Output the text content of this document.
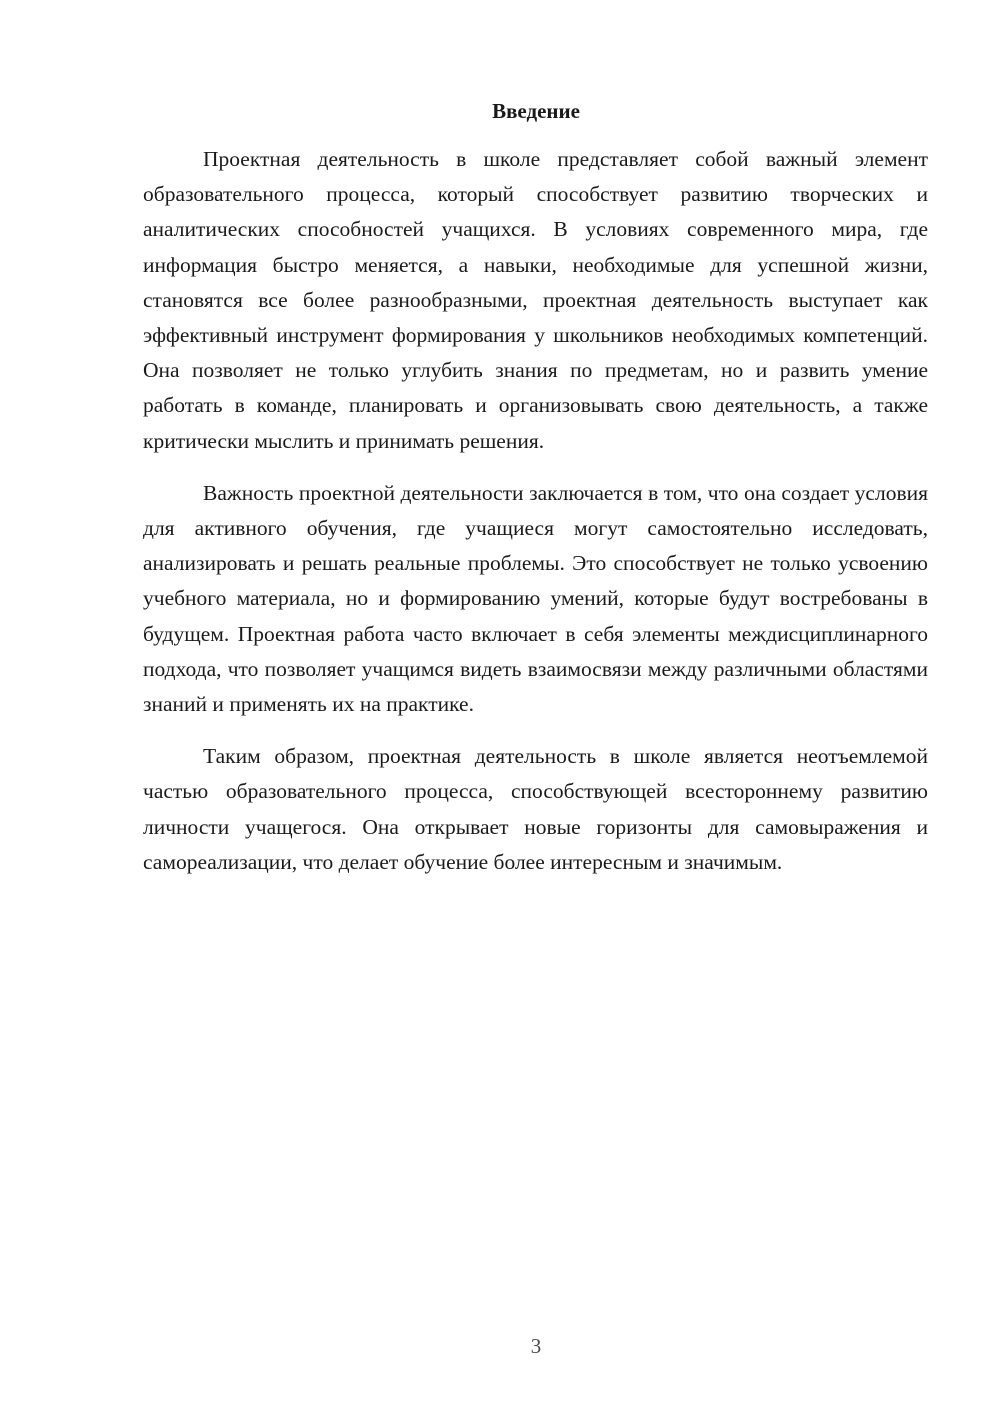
Введение

Проектная деятельность в школе представляет собой важный элемент образовательного процесса, который способствует развитию творческих и аналитических способностей учащихся. В условиях современного мира, где информация быстро меняется, а навыки, необходимые для успешной жизни, становятся все более разнообразными, проектная деятельность выступает как эффективный инструмент формирования у школьников необходимых компетенций. Она позволяет не только углубить знания по предметам, но и развить умение работать в команде, планировать и организовывать свою деятельность, а также критически мыслить и принимать решения.

Важность проектной деятельности заключается в том, что она создает условия для активного обучения, где учащиеся могут самостоятельно исследовать, анализировать и решать реальные проблемы. Это способствует не только усвоению учебного материала, но и формированию умений, которые будут востребованы в будущем. Проектная работа часто включает в себя элементы междисциплинарного подхода, что позволяет учащимся видеть взаимосвязи между различными областями знаний и применять их на практике.

Таким образом, проектная деятельность в школе является неотъемлемой частью образовательного процесса, способствующей всестороннему развитию личности учащегося. Она открывает новые горизонты для самовыражения и самореализации, что делает обучение более интересным и значимым.

3
